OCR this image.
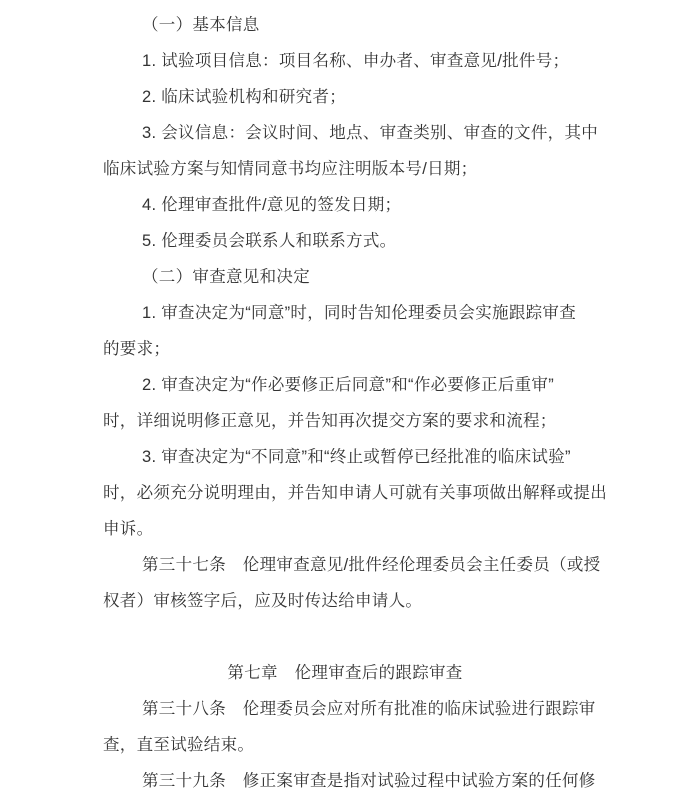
（一）基本信息
1. 试验项目信息：项目名称、申办者、审查意见/批件号；
2. 临床试验机构和研究者；
3. 会议信息：会议时间、地点、审查类别、审查的文件，其中
临床试验方案与知情同意书均应注明版本号/日期；
4. 伦理审查批件/意见的签发日期；
5. 伦理委员会联系人和联系方式。
（二）审查意见和决定
1. 审查决定为“同意”时，同时告知伦理委员会实施跟踪审查
的要求；
2. 审查决定为“作必要修正后同意”和“作必要修正后重审”
时，详细说明修正意见，并告知再次提交方案的要求和流程；
3. 审查决定为“不同意”和“终止或暂停已经批准的临床试验”
时，必须充分说明理由，并告知申请人可就有关事项做出解释或提出
申诉。
第三十七条　伦理审查意见/批件经伦理委员会主任委员（或授
权者）审核签字后，应及时传达给申请人。
第七章　伦理审查后的跟踪审查
第三十八条　伦理委员会应对所有批准的临床试验进行跟踪审
查，直至试验结束。
第三十九条　修正案审查是指对试验过程中试验方案的任何修
